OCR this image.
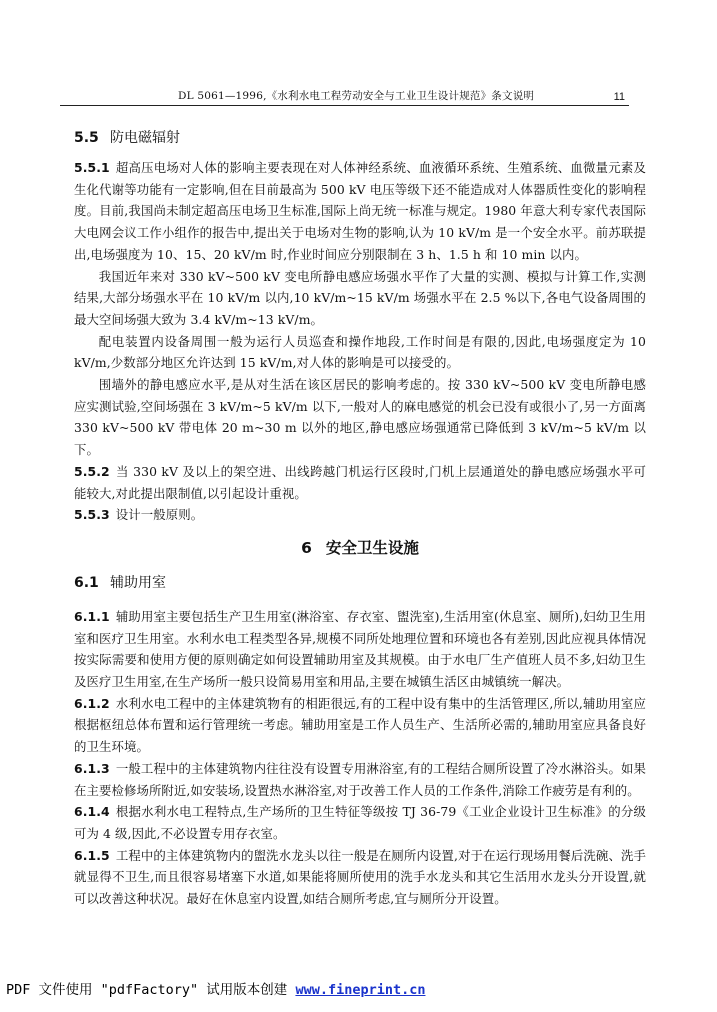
DL 5061—1996,《水利水电工程劳动安全与工业卫生设计规范》条文说明	11
5.5 防电磁辐射

5.5.1 超高压电场对人体的影响主要表现在对人体神经系统、血液循环系统、生殖系统、血微量元素及生化代谢等功能有一定影响,但在目前最高为 500 kV 电压等级下还不能造成对人体器质性变化的影响程度。目前,我国尚未制定超高压电场卫生标准,国际上尚无统一标准与规定。1980 年意大利专家代表国际大电网会议工作小组作的报告中,提出关于电场对生物的影响,认为 10 kV/m 是一个安全水平。前苏联提出,电场强度为 10、15、20 kV/m 时,作业时间应分别限制在 3 h、1.5 h 和 10 min 以内。

我国近年来对 330 kV~500 kV 变电所静电感应场强水平作了大量的实测、模拟与计算工作,实测结果,大部分场强水平在 10 kV/m 以内,10 kV/m~15 kV/m 场强水平在 2.5 %以下,各电气设备周围的最大空间场强大致为 3.4 kV/m~13 kV/m。

配电装置内设备周围一般为运行人员巡查和操作地段,工作时间是有限的,因此,电场强度定为 10 kV/m,少数部分地区允许达到 15 kV/m,对人体的影响是可以接受的。

围墙外的静电感应水平,是从对生活在该区居民的影响考虑的。按 330 kV~500 kV 变电所静电感应实测试验,空间场强在 3 kV/m~5 kV/m 以下,一般对人的麻电感觉的机会已没有或很小了,另一方面离 330 kV~500 kV 带电体 20 m~30 m 以外的地区,静电感应场强通常已降低到 3 kV/m~5 kV/m 以下。

5.5.2 当 330 kV 及以上的架空进、出线跨越门机运行区段时,门机上层通道处的静电感应场强水平可能较大,对此提出限制值,以引起设计重视。

5.5.3 设计一般原则。

6 安全卫生设施
6.1 辅助用室

6.1.1 辅助用室主要包括生产卫生用室(淋浴室、存衣室、盥洗室),生活用室(休息室、厕所),妇幼卫生用室和医疗卫生用室。水利水电工程类型各异,规模不同所处地理位置和环境也各有差别,因此应视具体情况按实际需要和使用方便的原则确定如何设置辅助用室及其规模。由于水电厂生产值班人员不多,妇幼卫生及医疗卫生用室,在生产场所一般只设简易用室和用品,主要在城镇生活区由城镇统一解决。

6.1.2 水利水电工程中的主体建筑物有的相距很远,有的工程中设有集中的生活管理区,所以,辅助用室应根据枢纽总体布置和运行管理统一考虑。辅助用室是工作人员生产、生活所必需的,辅助用室应具备良好的卫生环境。

6.1.3 一般工程中的主体建筑物内往往没有设置专用淋浴室,有的工程结合厕所设置了冷水淋浴头。如果在主要检修场所附近,如安装场,设置热水淋浴室,对于改善工作人员的工作条件,消除工作疲劳是有利的。

6.1.4 根据水利水电工程特点,生产场所的卫生特征等级按 TJ 36-79《工业企业设计卫生标准》的分级可为 4 级,因此,不必设置专用存衣室。

6.1.5 工程中的主体建筑物内的盥洗水龙头以往一般是在厕所内设置,对于在运行现场用餐后洗碗、洗手就显得不卫生,而且很容易堵塞下水道,如果能将厕所使用的洗手水龙头和其它生活用水龙头分开设置,就可以改善这种状况。最好在休息室内设置,如结合厕所考虑,宜与厕所分开设置。

PDF 文件使用 "pdfFactory" 试用版本创建 www.fineprint.cn
